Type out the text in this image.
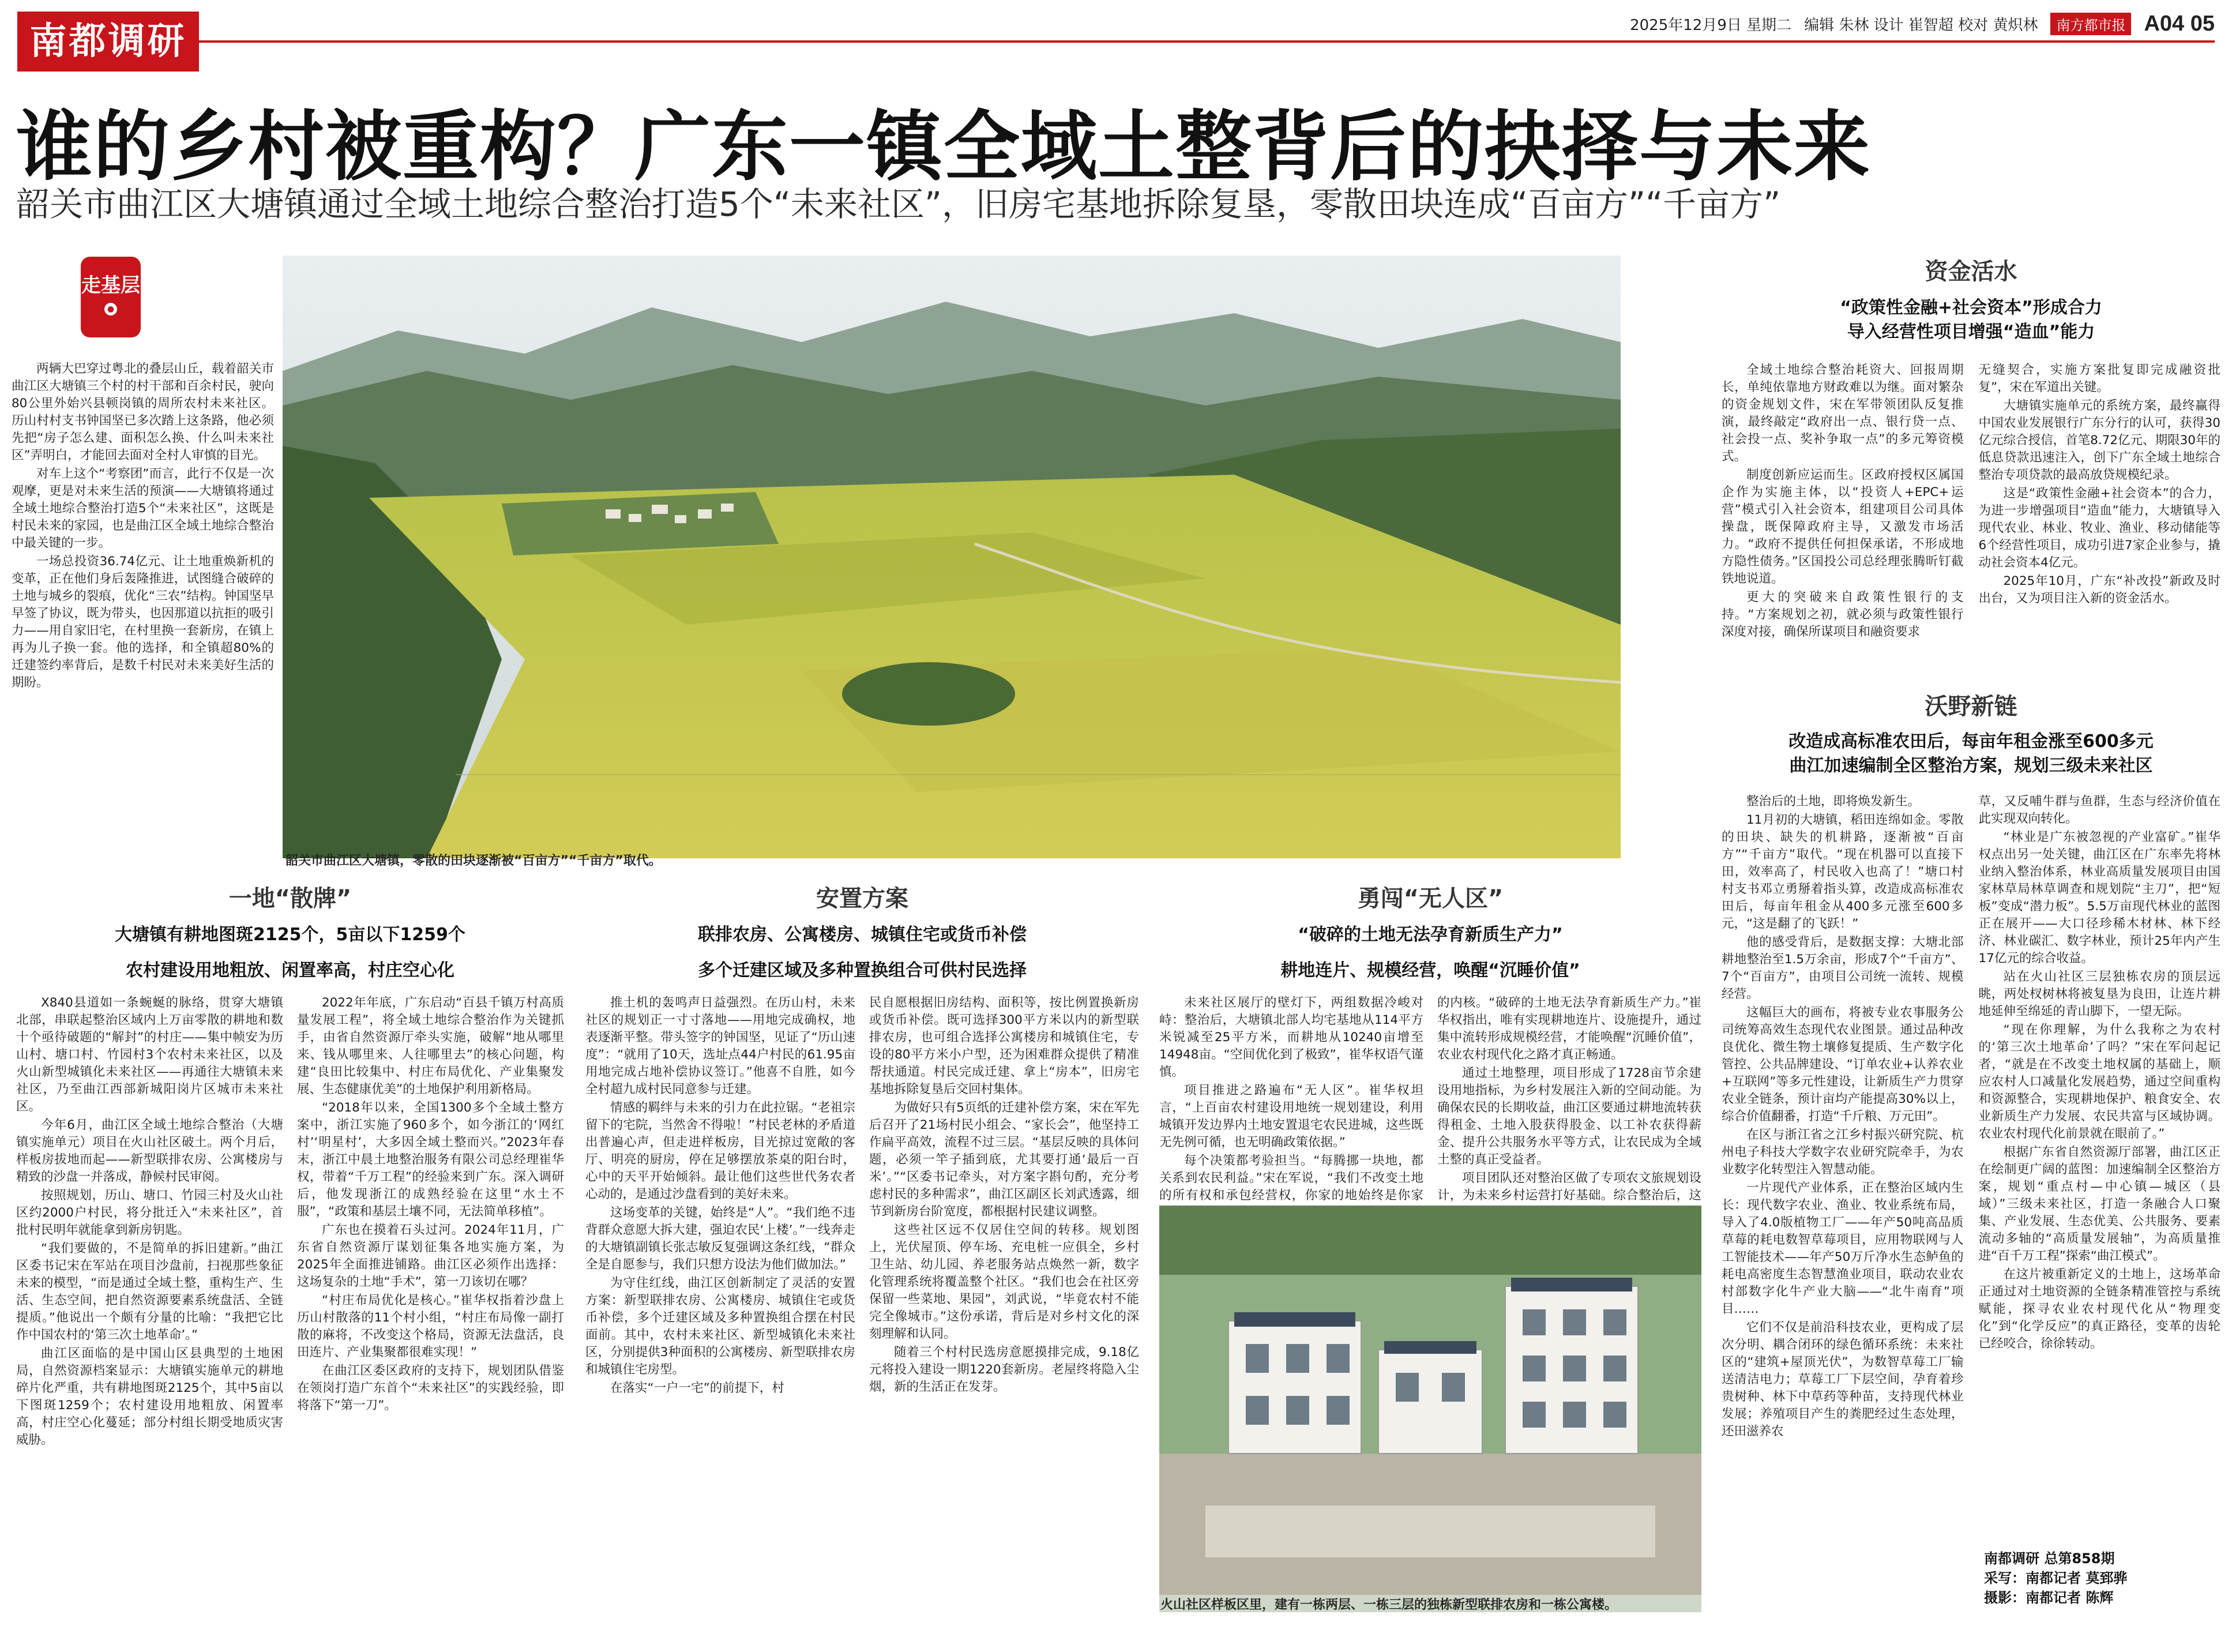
南都调研	2025年12月9日 星期二 编辑 朱林 设计 崔智超 校对 黄炽林	南方都市报 A04 05
谁的乡村被重构？广东一镇全域土整背后的抉择与未来
韶关市曲江区大塘镇通过全域土地综合整治打造5个“未来社区”，旧房宅基地拆除复垦，零散田块连成“百亩方”“千亩方”
走基层
●

两辆大巴穿过粤北的叠层山丘，载着韶关市曲江区大塘镇三个村的村干部和百余村民，驶向80公里外始兴县顿岗镇的周所农村未来社区。历山村村支书钟国坚已多次踏上这条路，他必须先把“房子怎么建、面积怎么换、什么叫未来社区”弄明白，才能回去面对全村人审慎的目光。

对车上这个“考察团”而言，此行不仅是一次观摩，更是对未来生活的预演——大塘镇将通过全域土地综合整治打造5个“未来社区”，这既是村民未来的家园，也是曲江区全域土地综合整治中最关键的一步。

一场总投资36.74亿元、让土地重焕新机的变革，正在他们身后轰隆推进，试图缝合破碎的土地与城乡的裂痕，优化“三农”结构。钟国坚早早签了协议，既为带头，也因那道以抗拒的吸引力——用自家旧宅，在村里换一套新房，在镇上再为儿子换一套。他的选择，和全镇超80%的迁建签约率背后，是数千村民对未来美好生活的期盼。

韶关市曲江区大塘镇，零散的田块逐渐被“百亩方”“千亩方”取代。
资金活水
“政策性金融+社会资本”形成合力
导入经营性项目增强“造血”能力

全域土地综合整治耗资大、回报周期长，单纯依靠地方财政难以为继。面对繁杂的资金规划文件，宋在军带领团队反复推演，最终敲定“政府出一点、银行贷一点、社会投一点、奖补争取一点”的多元筹资模式。

制度创新应运而生。区政府授权区属国企作为实施主体，以“投资人+EPC+运营”模式引入社会资本，组建项目公司具体操盘，既保障政府主导，又激发市场活力。“政府不提供任何担保承诺，不形成地方隐性债务。”区国投公司总经理张腾昕钉截铁地说道。

更大的突破来自政策性银行的支持。“方案规划之初，就必须与政策性银行深度对接，确保所谋项目和融资要求

无缝契合，实施方案批复即完成融资批复”，宋在军道出关键。

大塘镇实施单元的系统方案，最终赢得中国农业发展银行广东分行的认可，获得30亿元综合授信，首笔8.72亿元、期限30年的低息贷款迅速注入，创下广东全域土地综合整治专项贷款的最高放贷规模纪录。

这是“政策性金融+社会资本”的合力，为进一步增强项目“造血”能力，大塘镇导入现代农业、林业、牧业、渔业、移动储能等6个经营性项目，成功引进7家企业参与，撬动社会资本4亿元。

2025年10月，广东“补改投”新政及时出台，又为项目注入新的资金活水。

沃野新链
改造成高标准农田后，每亩年租金涨至600多元
曲江加速编制全区整治方案，规划三级未来社区

整治后的土地，即将焕发新生。

11月初的大塘镇，稻田连绵如金。零散的田块、缺失的机耕路，逐渐被“百亩方”“千亩方”取代。“现在机器可以直接下田，效率高了，村民收入也高了！”塘口村村支书邓立勇掰着指头算，改造成高标准农田后，每亩年租金从400多元涨至600多元，“这是翻了的飞跃！”

他的感受背后，是数据支撑：大塘北部耕地整治至1.5万余亩，形成7个“千亩方”、7个“百亩方”，由项目公司统一流转、规模经营。

这幅巨大的画布，将被专业农事服务公司统筹高效生态现代农业图景。通过品种改良优化、微生物土壤修复提质、生产数字化管控、公共品牌建设、“订单农业+认养农业+互联网”等多元性建设，让新质生产力贯穿农业全链条，预计亩均产能提高30%以上，综合价值翻番，打造“千斤粮、万元田”。

在区与浙江省之江乡村振兴研究院、杭州电子科技大学数字农业研究院牵手，为农业数字化转型注入智慧动能。

一片现代产业体系，正在整治区域内生长：现代数字农业、渔业、牧业系统布局，导入了4.0版植物工厂——年产50吨高品质草莓的耗电数智草莓项目，应用物联网与人工智能技术——年产50万斤净水生态鲈鱼的耗电高密度生态智慧渔业项目，联动农业农村部数字化牛产业大脑——“北牛南育”项目……

它们不仅是前沿科技农业，更构成了层次分明、耦合闭环的绿色循环系统：未来社区的“建筑+屋顶光伏”，为数智草莓工厂输送清洁电力；草莓工厂下层空间，孕育着珍贵树种、林下中草药等种苗，支持现代林业发展；养殖项目产生的粪肥经过生态处理，还田滋养农

草，又反哺牛群与鱼群，生态与经济价值在此实现双向转化。

“林业是广东被忽视的产业富矿。”崔华权点出另一处关键，曲江区在广东率先将林业纳入整治体系，林业高质量发展项目由国家林草局林草调查和规划院“主刀”，把“短板”变成“潜力板”。5.5万亩现代林业的蓝图正在展开——大口径珍稀木材林、林下经济、林业碳汇、数字林业，预计25年内产生17亿元的综合收益。

站在火山社区三层独栋农房的顶层远眺，两处杈树林将被复垦为良田，让连片耕地延伸至绵延的青山脚下，一望无际。

“现在你理解，为什么我称之为农村的‘第三次土地革命’了吗？”宋在军问起记者，“就是在不改变土地权属的基础上，顺应农村人口减量化发展趋势，通过空间重构和资源整合，实现耕地保护、粮食安全、农业新质生产力发展、农民共富与区域协调。农业农村现代化前景就在眼前了。”

根据广东省自然资源厅部署，曲江区正在绘制更广阔的蓝图：加速编制全区整治方案，规划“重点村—中心镇—城区（县域）”三级未来社区，打造一条融合人口聚集、产业发展、生态优美、公共服务、要素流动多轴的“高质量发展轴”，为高质量推进“百千万工程”探索“曲江模式”。

在这片被重新定义的土地上，这场革命正通过对土地资源的全链条精准管控与系统赋能，探寻农业农村现代化从“物理变化”到“化学反应”的真正路径，变革的齿轮已经咬合，徐徐转动。

一地“散牌”
大塘镇有耕地图斑2125个，5亩以下1259个
农村建设用地粗放、闲置率高，村庄空心化

X840县道如一条蜿蜒的脉络，贯穿大塘镇北部，串联起整治区域内上万亩零散的耕地和数十个亟待破题的“解封”的村庄——集中帧安为历山村、塘口村、竹园村3个农村未来社区，以及火山新型城镇化未来社区——再通往大塘镇未来社区，乃至曲江西部新城阳岗片区城市未来社区。

今年6月，曲江区全域土地综合整治（大塘镇实施单元）项目在火山社区破土。两个月后，样板房拔地而起——新型联排农房、公寓楼房与精致的沙盘一并落成，静候村民审阅。

按照规划，历山、塘口、竹园三村及火山社区约2000户村民，将分批迁入“未来社区”，首批村民明年就能拿到新房钥匙。

“我们要做的，不是简单的拆旧建新。”曲江区委书记宋在军站在项目沙盘前，扫视那些象征未来的模型，“而是通过全域土整，重构生产、生活、生态空间，把自然资源要素系统盘活、全链提质。”他说出一个颇有分量的比喻：“我把它比作中国农村的‘第三次土地革命’。”

曲江区面临的是中国山区县典型的土地困局，自然资源档案显示：大塘镇实施单元的耕地碎片化严重，共有耕地图斑2125个，其中5亩以下图斑1259个；农村建设用地粗放、闲置率高，村庄空心化蔓延；部分村组长期受地质灾害威胁。

2022年年底，广东启动“百县千镇万村高质量发展工程”，将全域土地综合整治作为关键抓手，由省自然资源厅牵头实施，破解“地从哪里来、钱从哪里来、人往哪里去”的核心问题，构建“良田比较集中、村庄布局优化、产业集聚发展、生态健康优美”的土地保护利用新格局。

“2018年以来，全国1300多个全域土整方案中，浙江实施了960多个，如今浙江的‘网红村’‘明星村’，大多因全域土整而兴。”2023年春末，浙江中晨土地整治服务有限公司总经理崔华权，带着“千万工程”的经验来到广东。深入调研后，他发现浙江的成熟经验在这里“水土不服”，“政策和基层土壤不同，无法简单移植”。

广东也在摸着石头过河。2024年11月，广东省自然资源厅谋划征集各地实施方案，为2025年全面推进铺路。曲江区必须作出选择：这场复杂的土地“手术”，第一刀该切在哪？

“村庄布局优化是核心。”崔华权指着沙盘上历山村散落的11个村小组，“村庄布局像一副打散的麻将，不改变这个格局，资源无法盘活，良田连片、产业集聚都很难实现！”

在曲江区委区政府的支持下，规划团队借鉴在领岗打造广东首个“未来社区”的实践经验，即将落下“第一刀”。

安置方案
联排农房、公寓楼房、城镇住宅或货币补偿
多个迁建区域及多种置换组合可供村民选择

推土机的轰鸣声日益强烈。在历山村，未来社区的规划正一寸寸落地——用地完成确权，地表逐渐平整。带头签字的钟国坚，见证了“历山速度”：“就用了10天，选址点44户村民的61.95亩用地完成占地补偿协议签订。”他喜不自胜，如今全村超九成村民同意参与迁建。

情感的羁绊与未来的引力在此拉锯。“老祖宗留下的宅院，当然舍不得啦！”村民老林的矛盾道出普遍心声，但走进样板房，目光掠过宽敞的客厅、明亮的厨房，停在足够摆放茶桌的阳台时，心中的天平开始倾斜。最让他们这些世代务农者心动的，是通过沙盘看到的美好未来。

这场变革的关键，始终是“人”。“我们绝不违背群众意愿大拆大建，强迫农民‘上楼’。”一线奔走的大塘镇副镇长张志敏反复强调这条红线，“群众全是自愿参与，我们只想方设法为他们做加法。”

为守住红线，曲江区创新制定了灵活的安置方案：新型联排农房、公寓楼房、城镇住宅或货币补偿，多个迁建区域及多种置换组合摆在村民面前。其中，农村未来社区、新型城镇化未来社区，分别提供3种面积的公寓楼房、新型联排农房和城镇住宅房型。

在落实“一户一宅”的前提下，村

民自愿根据旧房结构、面积等，按比例置换新房或货币补偿。既可选择300平方米以内的新型联排农房，也可组合选择公寓楼房和城镇住宅，专设的80平方米小户型，还为困难群众提供了精准帮扶通道。村民完成迁建、拿上“房本”，旧房宅基地拆除复垦后交回村集体。

为做好只有5页纸的迁建补偿方案，宋在军先后召开了21场村民小组会、“家长会”，他坚持工作扁平高效，流程不过三层。“基层反映的具体问题，必须一竿子插到底，尤其要打通‘最后一百米’。”“区委书记牵头，对方案字斟句酌，充分考虑村民的多种需求”，曲江区副区长刘武透露，细节到新房台阶宽度，都根据村民建议调整。

这些社区远不仅居住空间的转移。规划图上，光伏屋顶、停车场、充电桩一应俱全，乡村卫生站、幼儿园、养老服务站点焕然一新，数字化管理系统将覆盖整个社区。“我们也会在社区旁保留一些菜地、果园”，刘武说，“毕竟农村不能完全像城市。”这份承诺，背后是对乡村文化的深刻理解和认同。

随着三个村村民选房意愿摸排完成，9.18亿元将投入建设一期1220套新房。老屋终将隐入尘烟，新的生活正在发芽。

勇闯“无人区”
“破碎的土地无法孕育新质生产力”
耕地连片、规模经营，唤醒“沉睡价值”

未来社区展厅的壁灯下，两组数据冷峻对峙：整治后，大塘镇北部人均宅基地从114平方米锐减至25平方米，而耕地从10240亩增至14948亩。“空间优化到了极致”，崔华权语气谨慎。

项目推进之路遍布“无人区”。崔华权坦言，“上百亩农村建设用地统一规划建设，利用城镇开发边界内土地安置退宅农民进城，这些既无先例可循，也无明确政策依据。”

每个决策都考验担当。“每腾挪一块地，都关系到农民利益。”宋在军说，“我们不改变土地的所有权和承包经营权，你家的地始终是你家

的内核。“破碎的土地无法孕育新质生产力。”崔华权指出，唯有实现耕地连片、设施提升，通过集中流转形成规模经营，才能唤醒“沉睡价值”，农业农村现代化之路才真正畅通。

通过土地整理，项目形成了1728亩节余建设用地指标，为乡村发展注入新的空间动能。为确保农民的长期收益，曲江区要通过耕地流转获得租金、土地入股获得股金、以工补农获得薪金、提升公共服务水平等方式，让农民成为全域土整的真正受益者。

项目团队还对整治区做了专项农文旅规划设计，为未来乡村运营打好基础。综合整治后，这

火山社区样板区里，建有一栋两层、一栋三层的独栋新型联排农房和一栋公寓楼。
南都调研 总第858期
采写：南都记者 莫郅骅
摄影：南都记者 陈辉
